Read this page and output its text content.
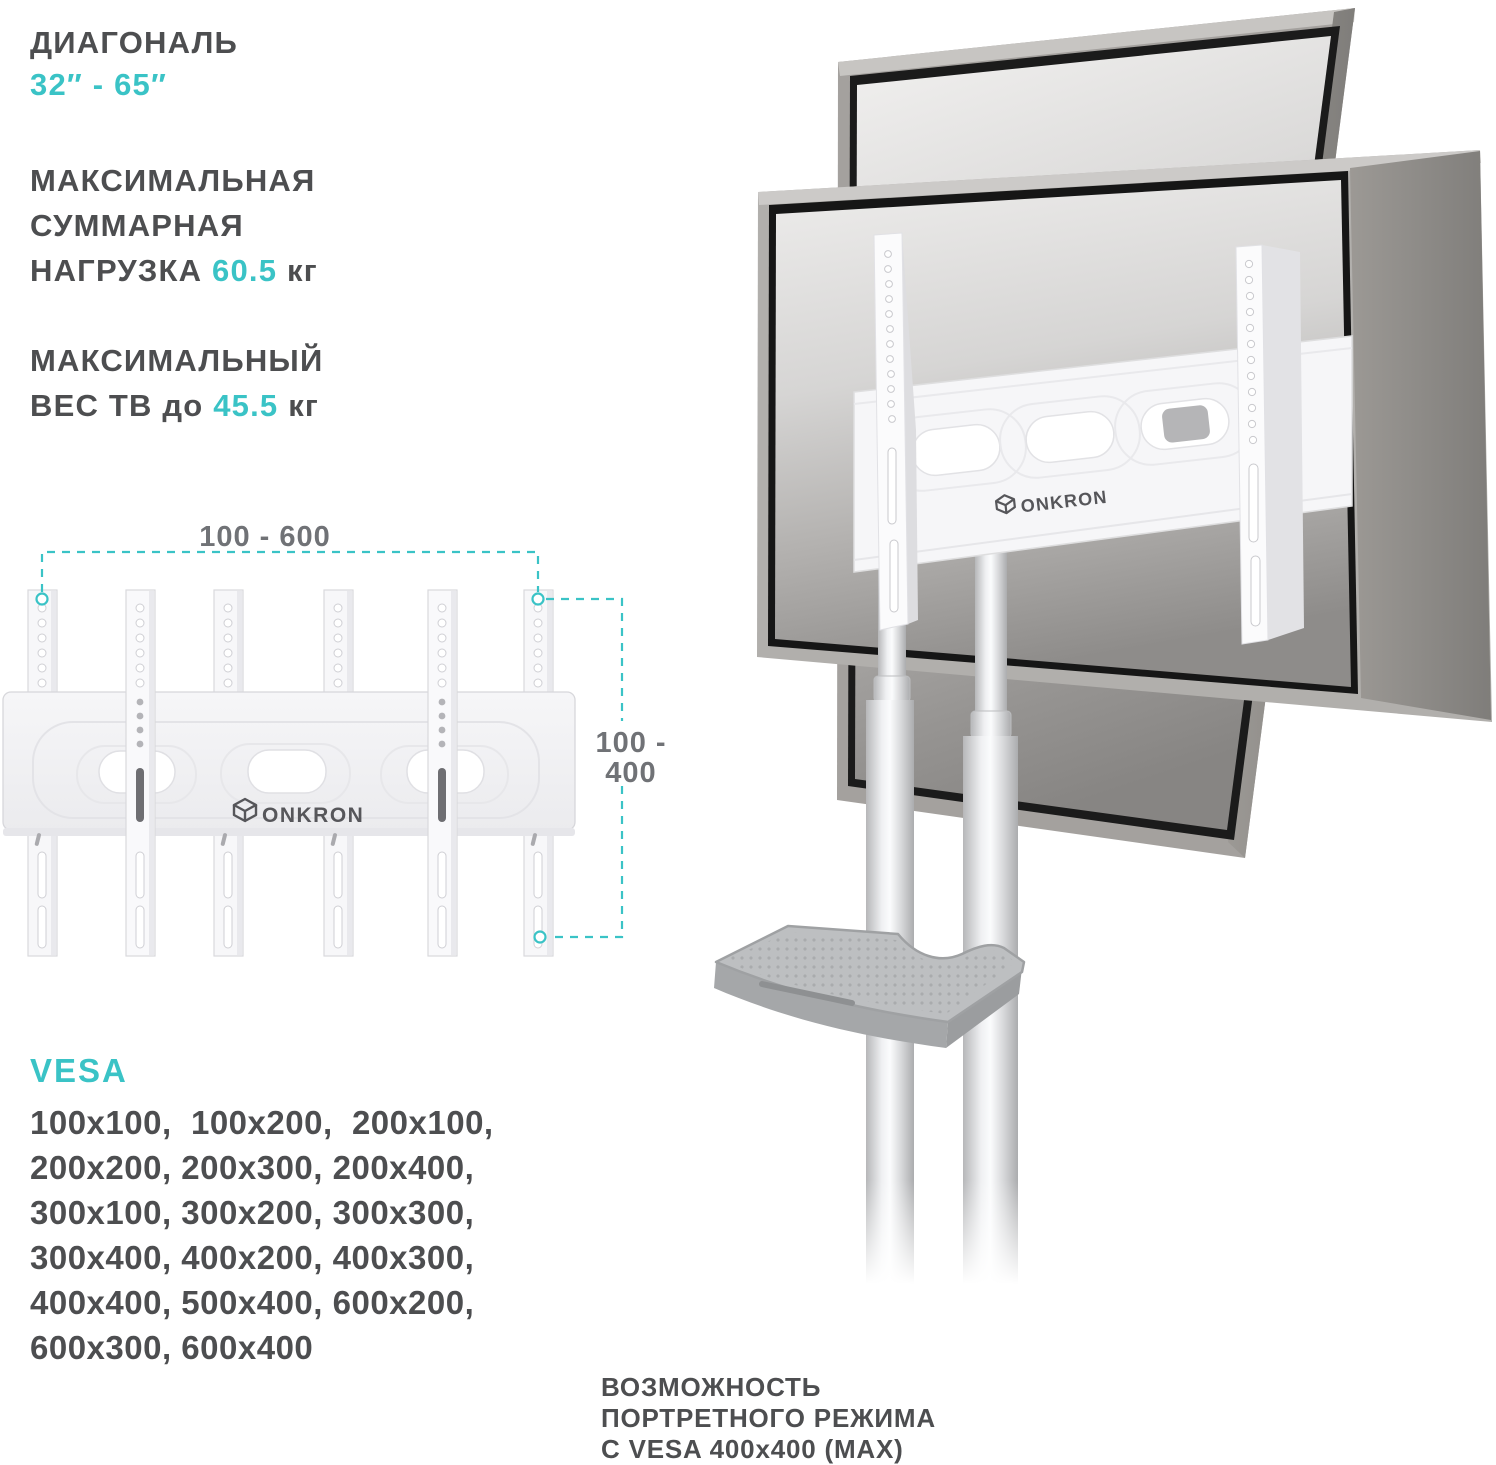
ДИАГОНАЛЬ
32″ - 65″
МАКСИМАЛЬНАЯ
СУММАРНАЯ
НАГРУЗКА 60.5 кг
МАКСИМАЛЬНЫЙ
ВЕС ТВ до 45.5 кг
VESA
100х100,  100х200,  200х100,
200х200, 200х300, 200х400,
300х100, 300х200, 300х300,
300х400, 400х200, 400х300,
400х400, 500х400, 600х200,
600х300, 600х400
ВОЗМОЖНОСТЬ
ПОРТРЕТНОГО РЕЖИМА
С VESA 400х400 (MAX)
ONKRON
100 - 600
100 -
400
ONKRON
